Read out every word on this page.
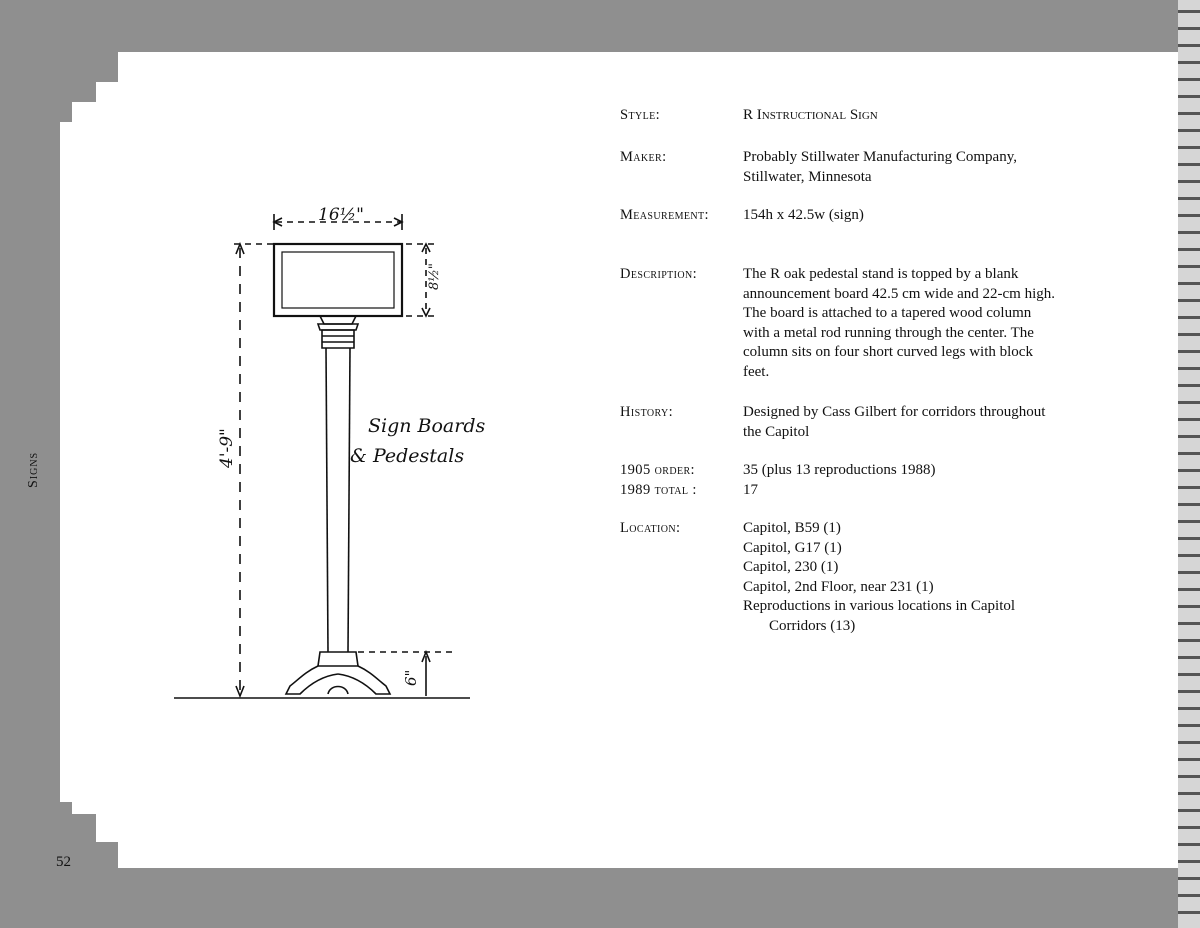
Signs
52
16½"
8½"
4'-9"
6"
Sign Boards
& Pedestals
Style:	R Instructional Sign
Maker:	Probably Stillwater Manufacturing Company,
Stillwater, Minnesota
Measurement:	154h x 42.5w (sign)
Description:	The R oak pedestal stand is topped by a blank
announcement board 42.5 cm wide and 22-cm high.
The board is attached to a tapered wood column
with a metal rod running through the center. The
column sits on four short curved legs with block
feet.
History:	Designed by Cass Gilbert for corridors throughout
the Capitol
1905 order:	35 (plus 13 reproductions 1988)
1989 total :	17
Location:	Capitol, B59 (1)
Capitol, G17 (1)
Capitol, 230 (1)
Capitol, 2nd Floor, near 231 (1)
Reproductions in various locations in Capitol
Corridors (13)
